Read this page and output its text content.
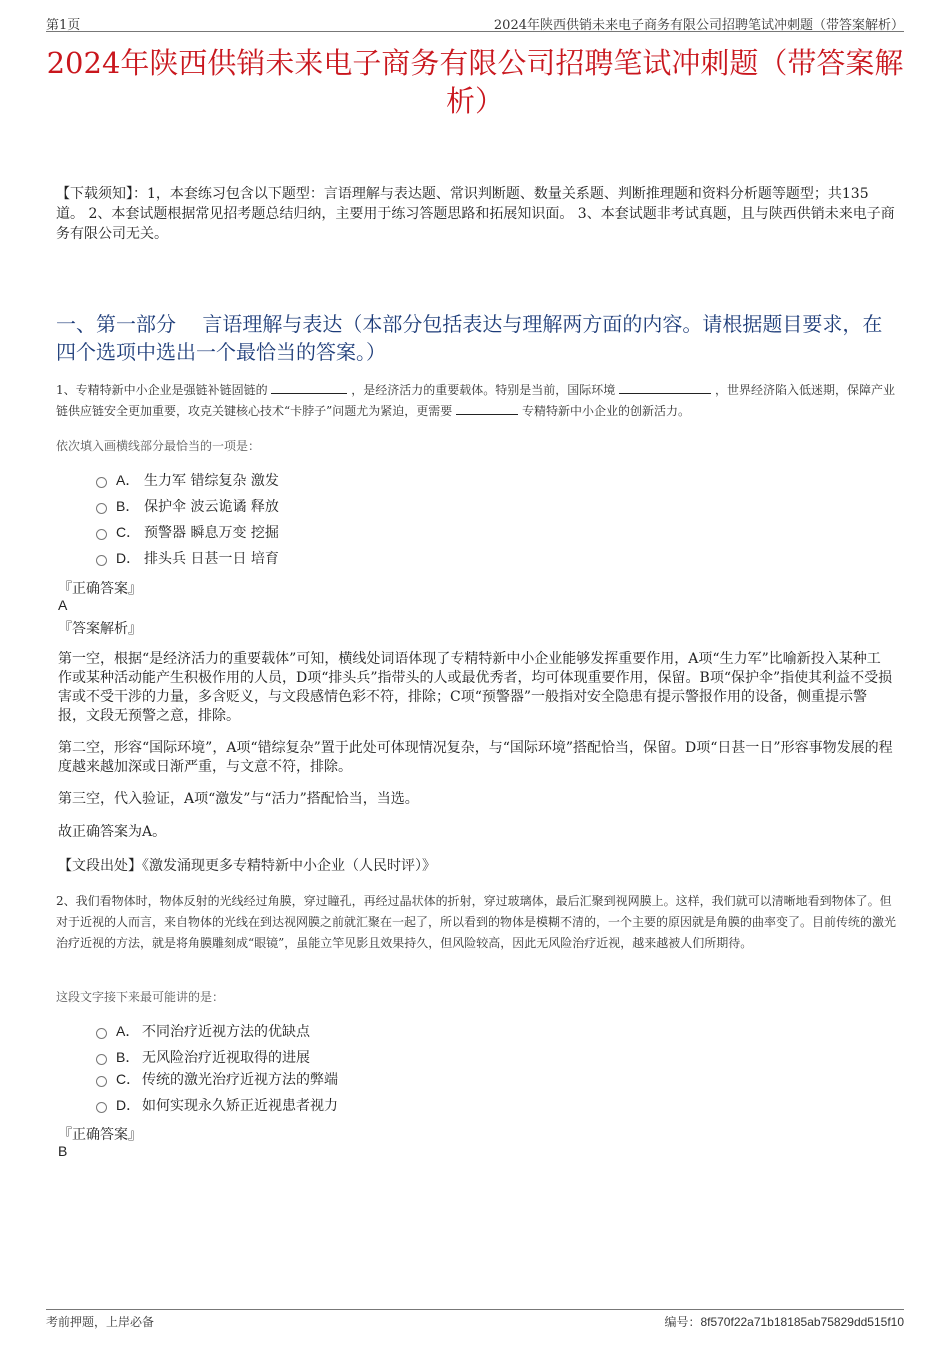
第1页	2024年陕西供销未来电子商务有限公司招聘笔试冲刺题（带答案解析）
2024年陕西供销未来电子商务有限公司招聘笔试冲刺题（带答案解析）
【下载须知】：1，本套练习包含以下题型：言语理解与表达题、常识判断题、数量关系题、判断推理题和资料分析题等题型；共135道。 2、本套试题根据常见招考题总结归纳，主要用于练习答题思路和拓展知识面。 3、本套试题非考试真题，且与陕西供销未来电子商务有限公司无关。
一、第一部分　 言语理解与表达（本部分包括表达与理解两方面的内容。请根据题目要求，在四个选项中选出一个最恰当的答案。）
1、专精特新中小企业是强链补链固链的	，是经济活力的重要载体。特别是当前，国际环境	，世界经济陷入低迷期，保障产业链供应链安全更加重要，攻克关键核心技术“卡脖子”问题尤为紧迫，更需要	专精特新中小企业的创新活力。
依次填入画横线部分最恰当的一项是：
A． 生力军 错综复杂 激发
B． 保护伞 波云诡谲 释放
C． 预警器 瞬息万变 挖掘
D． 排头兵 日甚一日 培育
『正确答案』
A
『答案解析』
第一空，根据“是经济活力的重要载体”可知，横线处词语体现了专精特新中小企业能够发挥重要作用，A项“生力军”比喻新投入某种工作或某种活动能产生积极作用的人员，D项“排头兵”指带头的人或最优秀者，均可体现重要作用，保留。B项“保护伞”指使其利益不受损害或不受干涉的力量，多含贬义，与文段感情色彩不符，排除；C项“预警器”一般指对安全隐患有提示警报作用的设备，侧重提示警报，文段无预警之意，排除。
第二空，形容“国际环境”，A项“错综复杂”置于此处可体现情况复杂，与“国际环境”搭配恰当，保留。D项“日甚一日”形容事物发展的程度越来越加深或日渐严重，与文意不符，排除。
第三空，代入验证，A项“激发”与“活力”搭配恰当，当选。
故正确答案为A。
【文段出处】《激发涌现更多专精特新中小企业（人民时评）》
2、我们看物体时，物体反射的光线经过角膜，穿过瞳孔，再经过晶状体的折射，穿过玻璃体，最后汇聚到视网膜上。这样，我们就可以清晰地看到物体了。但对于近视的人而言，来自物体的光线在到达视网膜之前就汇聚在一起了，所以看到的物体是模糊不清的，一个主要的原因就是角膜的曲率变了。目前传统的激光治疗近视的方法，就是将角膜雕刻成“眼镜”，虽能立竿见影且效果持久，但风险较高，因此无风险治疗近视，越来越被人们所期待。
这段文字接下来最可能讲的是：
A． 不同治疗近视方法的优缺点
B． 无风险治疗近视取得的进展
C． 传统的激光治疗近视方法的弊端
D． 如何实现永久矫正近视患者视力
『正确答案』
B
考前押题，上岸必备	编号：8f570f22a71b18185ab75829dd515f10
